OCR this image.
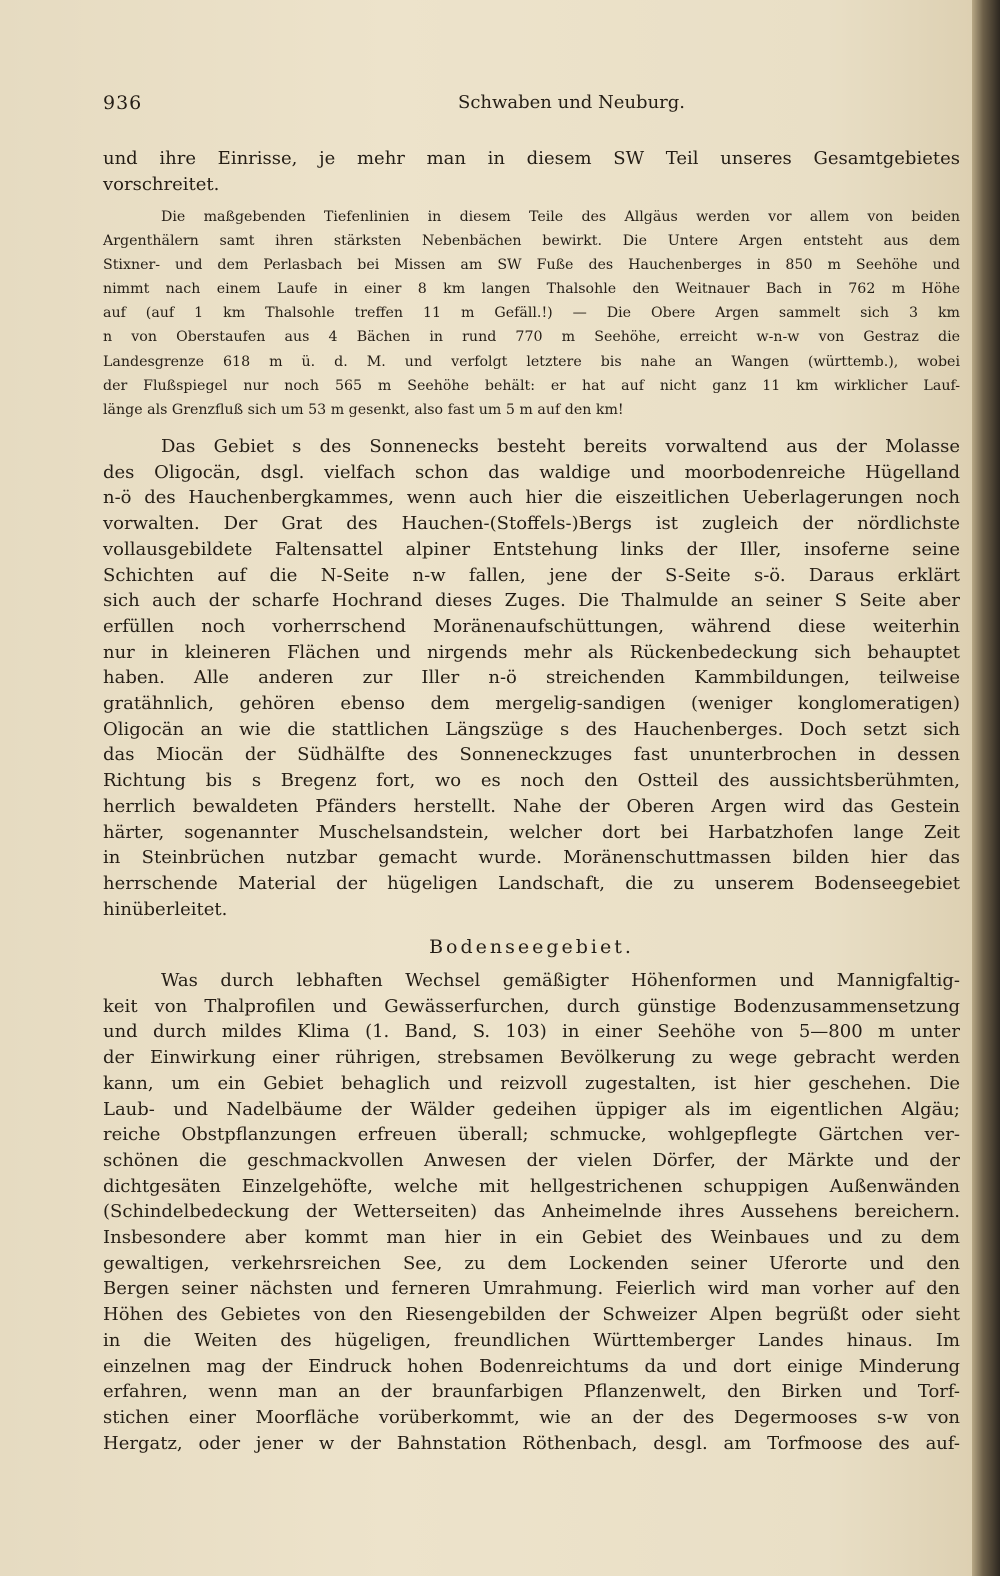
936	Schwaben und Neuburg.
und ihre Einrisse, je mehr man in diesem SW Teil unseres Gesamtgebietes
vorschreitet.
Die maßgebenden Tiefenlinien in diesem Teile des Allgäus werden vor allem von beiden
Argenthälern samt ihren stärksten Nebenbächen bewirkt. Die Untere Argen entsteht aus dem
Stixner- und dem Perlasbach bei Missen am SW Fuße des Hauchenberges in 850 m Seehöhe und
nimmt nach einem Laufe in einer 8 km langen Thalsohle den Weitnauer Bach in 762 m Höhe
auf (auf 1 km Thalsohle treffen 11 m Gefäll.!) — Die Obere Argen sammelt sich 3 km
n von Oberstaufen aus 4 Bächen in rund 770 m Seehöhe, erreicht w-n-w von Gestraz die
Landesgrenze 618 m ü. d. M. und verfolgt letztere bis nahe an Wangen (württemb.), wobei
der Flußspiegel nur noch 565 m Seehöhe behält: er hat auf nicht ganz 11 km wirklicher Lauf-
länge als Grenzfluß sich um 53 m gesenkt, also fast um 5 m auf den km!
Das Gebiet s des Sonnenecks besteht bereits vorwaltend aus der Molasse
des Oligocän, dsgl. vielfach schon das waldige und moorbodenreiche Hügelland
n-ö des Hauchenbergkammes, wenn auch hier die eiszeitlichen Ueberlagerungen noch
vorwalten. Der Grat des Hauchen-(Stoffels-)Bergs ist zugleich der nördlichste
vollausgebildete Faltensattel alpiner Entstehung links der Iller, insoferne seine
Schichten auf die N-Seite n-w fallen, jene der S-Seite s-ö. Daraus erklärt
sich auch der scharfe Hochrand dieses Zuges. Die Thalmulde an seiner S Seite aber
erfüllen noch vorherrschend Moränenaufschüttungen, während diese weiterhin
nur in kleineren Flächen und nirgends mehr als Rückenbedeckung sich behauptet
haben. Alle anderen zur Iller n-ö streichenden Kammbildungen, teilweise
gratähnlich, gehören ebenso dem mergelig-sandigen (weniger konglomeratigen)
Oligocän an wie die stattlichen Längszüge s des Hauchenberges. Doch setzt sich
das Miocän der Südhälfte des Sonneneckzuges fast ununterbrochen in dessen
Richtung bis s Bregenz fort, wo es noch den Ostteil des aussichtsberühmten,
herrlich bewaldeten Pfänders herstellt. Nahe der Oberen Argen wird das Gestein
härter, sogenannter Muschelsandstein, welcher dort bei Harbatzhofen lange Zeit
in Steinbrüchen nutzbar gemacht wurde. Moränenschuttmassen bilden hier das
herrschende Material der hügeligen Landschaft, die zu unserem Bodenseegebiet
hinüberleitet.
Bodenseegebiet.
Was durch lebhaften Wechsel gemäßigter Höhenformen und Mannigfaltig-
keit von Thalprofilen und Gewässerfurchen, durch günstige Bodenzusammensetzung
und durch mildes Klima (1. Band, S. 103) in einer Seehöhe von 5—800 m unter
der Einwirkung einer rührigen, strebsamen Bevölkerung zu wege gebracht werden
kann, um ein Gebiet behaglich und reizvoll zugestalten, ist hier geschehen. Die
Laub- und Nadelbäume der Wälder gedeihen üppiger als im eigentlichen Algäu;
reiche Obstpflanzungen erfreuen überall; schmucke, wohlgepflegte Gärtchen ver-
schönen die geschmackvollen Anwesen der vielen Dörfer, der Märkte und der
dichtgesäten Einzelgehöfte, welche mit hellgestrichenen schuppigen Außenwänden
(Schindelbedeckung der Wetterseiten) das Anheimelnde ihres Aussehens bereichern.
Insbesondere aber kommt man hier in ein Gebiet des Weinbaues und zu dem
gewaltigen, verkehrsreichen See, zu dem Lockenden seiner Uferorte und den
Bergen seiner nächsten und ferneren Umrahmung. Feierlich wird man vorher auf den
Höhen des Gebietes von den Riesengebilden der Schweizer Alpen begrüßt oder sieht
in die Weiten des hügeligen, freundlichen Württemberger Landes hinaus. Im
einzelnen mag der Eindruck hohen Bodenreichtums da und dort einige Minderung
erfahren, wenn man an der braunfarbigen Pflanzenwelt, den Birken und Torf-
stichen einer Moorfläche vorüberkommt, wie an der des Degermooses s-w von
Hergatz, oder jener w der Bahnstation Röthenbach, desgl. am Torfmoose des auf-
